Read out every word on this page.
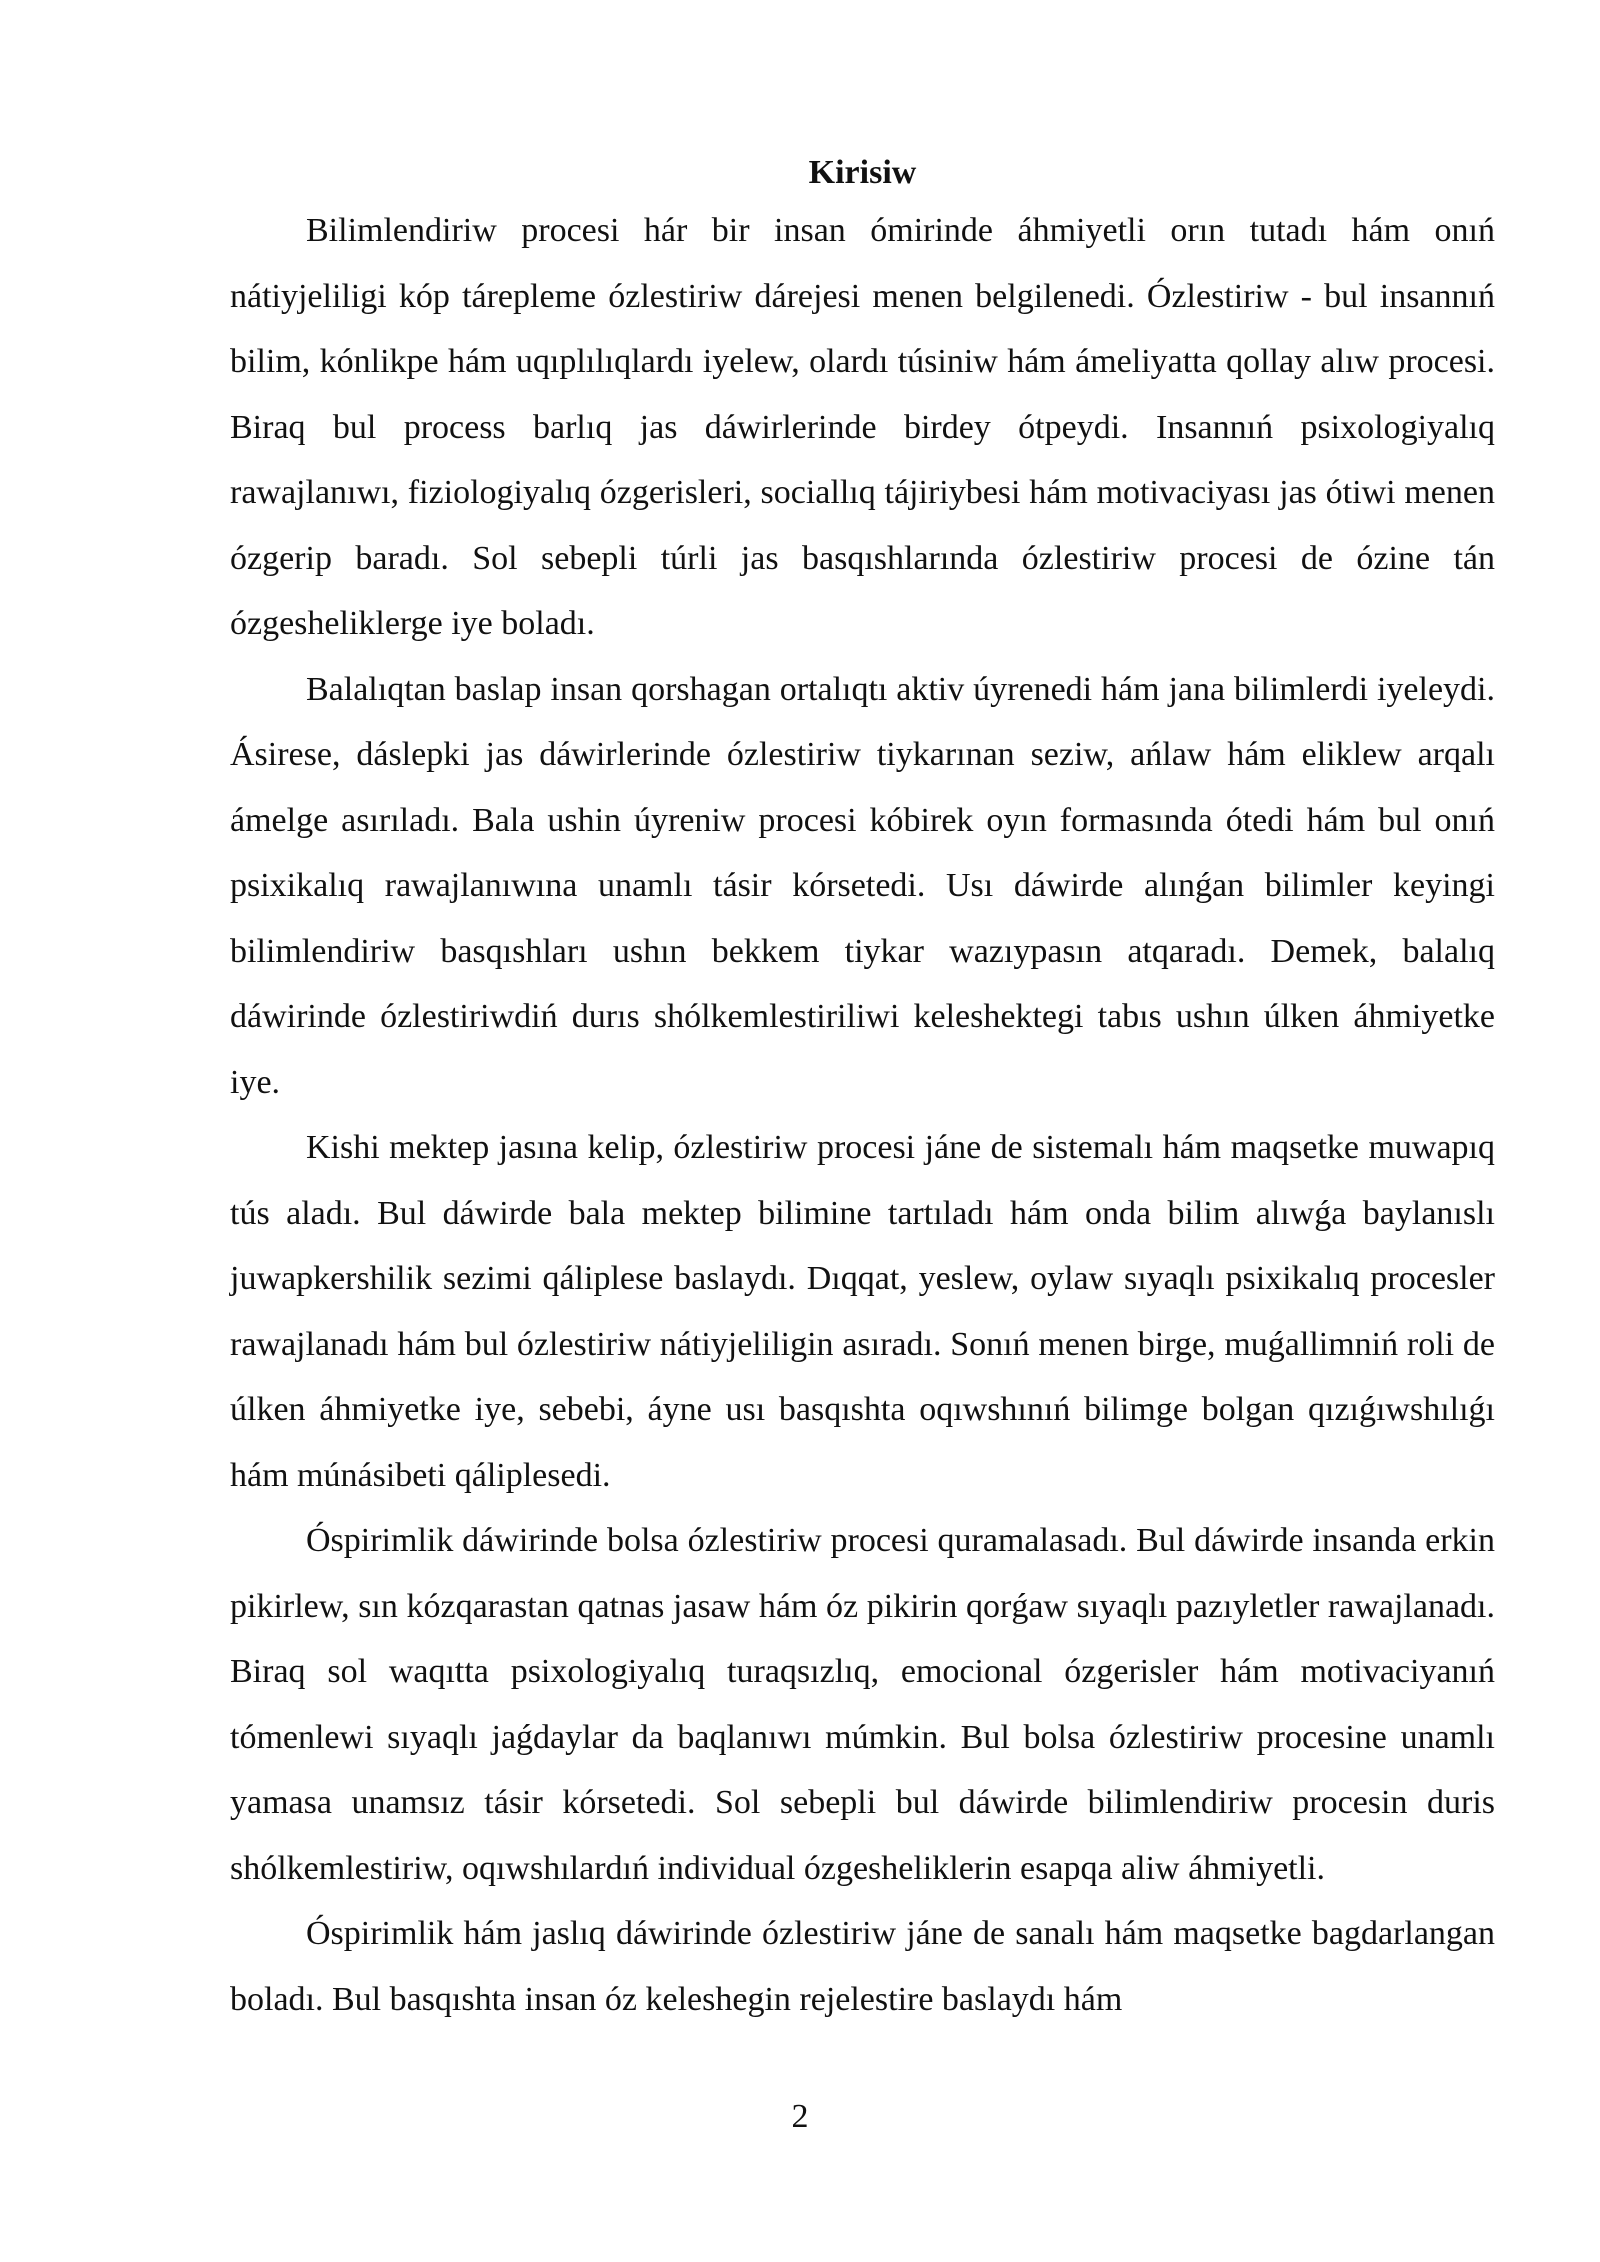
Kirisiw

Bilimlendiriw procesi hár bir insan ómirinde áhmiyetli orın tutadı hám onıń nátiyjeliligi kóp tárepleme ózlestiriw dárejesi menen belgilenedi. Ózlestiriw - bul insannıń bilim, kónlikpe hám uqıplılıqlardı iyelew, olardı túsiniw hám ámeliyatta qollay alıw procesi. Biraq bul process barlıq jas dáwirlerinde birdey ótpeydi. Insannıń psixologiyalıq rawajlanıwı, fiziologiyalıq ózgerisleri, sociallıq tájiriybesi hám motivaciyası jas ótiwi menen ózgerip baradı. Sol sebepli túrli jas basqıshlarında ózlestiriw procesi de ózine tán ózgesheliklerge iye boladı.

Balalıqtan baslap insan qorshagan ortalıqtı aktiv úyrenedi hám jana bilimlerdi iyeleydi. Ásirese, dáslepki jas dáwirlerinde ózlestiriw tiykarınan seziw, ańlaw hám eliklew arqalı ámelge asırıladı. Bala ushin úyreniw procesi kóbirek oyın formasında ótedi hám bul onıń psixikalıq rawajlanıwına unamlı tásir kórsetedi. Usı dáwirde alınǵan bilimler keyingi bilimlendiriw basqıshları ushın bekkem tiykar wazıypasın atqaradı. Demek, balalıq dáwirinde ózlestiriwdiń durıs shólkemlestiriliwi keleshektegi tabıs ushın úlken áhmiyetke iye.

Kishi mektep jasına kelip, ózlestiriw procesi jáne de sistemalı hám maqsetke muwapıq tús aladı. Bul dáwirde bala mektep bilimine tartıladı hám onda bilim alıwǵa baylanıslı juwapkershilik sezimi qáliplese baslaydı. Dıqqat, yeslew, oylaw sıyaqlı psixikalıq procesler rawajlanadı hám bul ózlestiriw nátiyjeliligin asıradı. Sonıń menen birge, muǵallimniń roli de úlken áhmiyetke iye, sebebi, áyne usı basqıshta oqıwshınıń bilimge bolgan qızıǵıwshılıǵı hám múnásibeti qáliplesedi.

Óspirimlik dáwirinde bolsa ózlestiriw procesi quramalasadı. Bul dáwirde insanda erkin pikirlew, sın kózqarastan qatnas jasaw hám óz pikirin qorǵaw sıyaqlı pazıyletler rawajlanadı. Biraq sol waqıtta psixologiyalıq turaqsızlıq, emocional ózgerisler hám motivaciyanıń tómenlewi sıyaqlı jaǵdaylar da baqlanıwı múmkin. Bul bolsa ózlestiriw procesine unamlı yamasa unamsız tásir kórsetedi. Sol sebepli bul dáwirde bilimlendiriw procesin duris shólkemlestiriw, oqıwshılardıń individual ózgesheliklerin esapqa aliw áhmiyetli.

Óspirimlik hám jaslıq dáwirinde ózlestiriw jáne de sanalı hám maqsetke bagdarlangan boladı. Bul basqıshta insan óz keleshegin rejelestire baslaydı hám

2
